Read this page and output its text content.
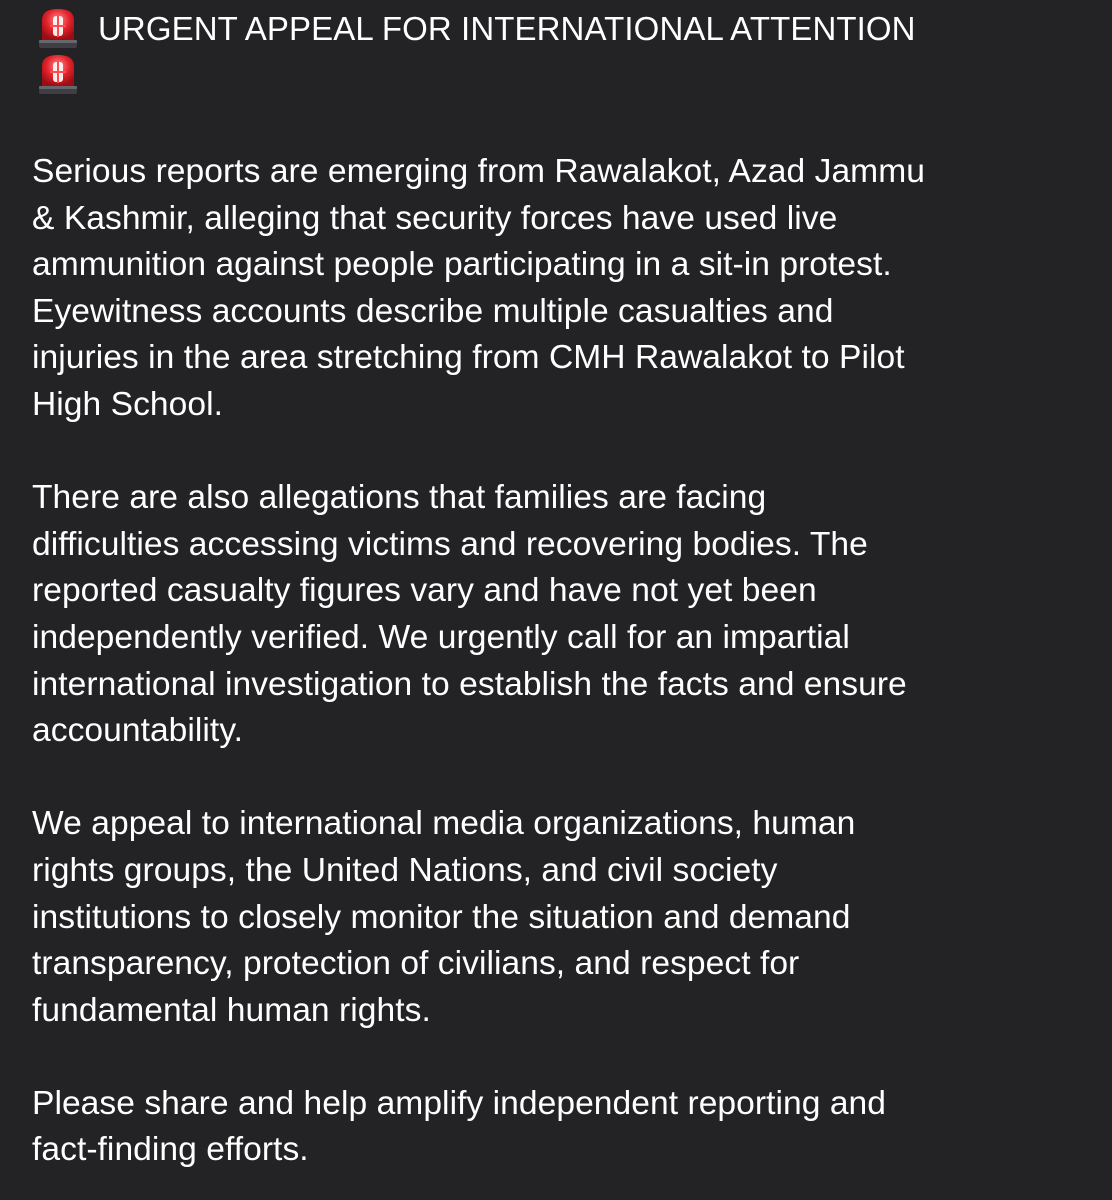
URGENT APPEAL FOR INTERNATIONAL ATTENTION

Serious reports are emerging from Rawalakot, Azad Jammu
& Kashmir, alleging that security forces have used live
ammunition against people participating in a sit-in protest.
Eyewitness accounts describe multiple casualties and
injuries in the area stretching from CMH Rawalakot to Pilot
High School.

There are also allegations that families are facing
difficulties accessing victims and recovering bodies. The
reported casualty figures vary and have not yet been
independently verified. We urgently call for an impartial
international investigation to establish the facts and ensure
accountability.

We appeal to international media organizations, human
rights groups, the United Nations, and civil society
institutions to closely monitor the situation and demand
transparency, protection of civilians, and respect for
fundamental human rights.

Please share and help amplify independent reporting and
fact-finding efforts.
